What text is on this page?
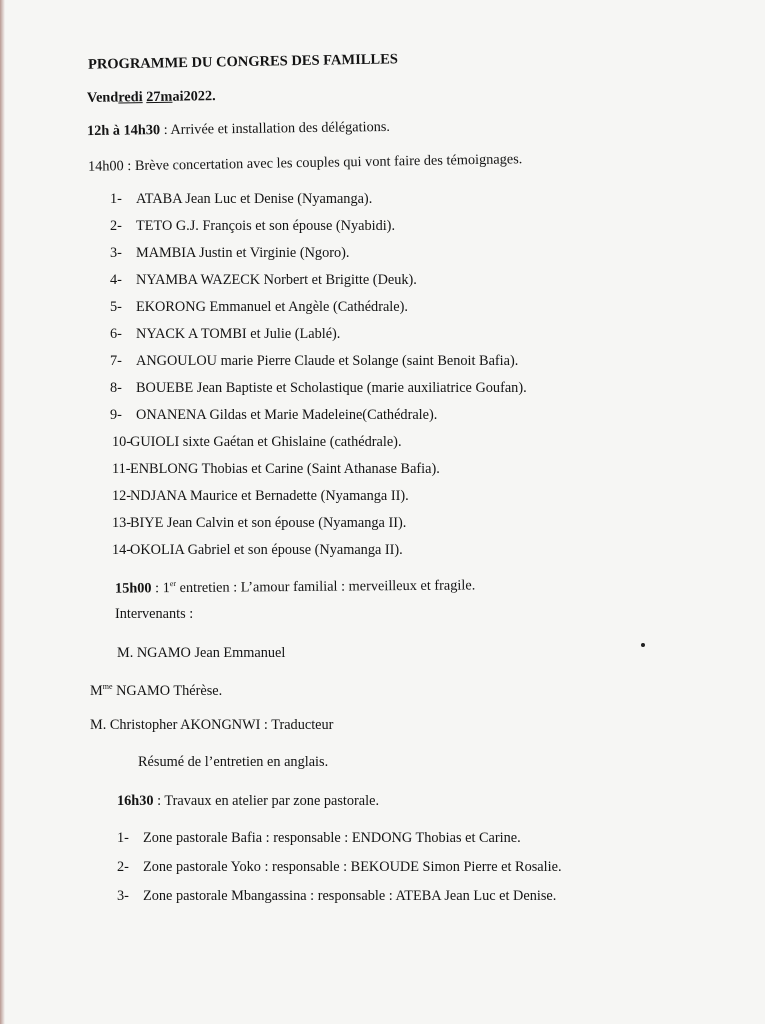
PROGRAMME DU CONGRES DES FAMILLES
Vendredi 27mai2022.
12h à 14h30 : Arrivée et installation des délégations.
14h00 : Brève concertation avec les couples qui vont faire des témoignages.
1- ATABA Jean Luc et Denise (Nyamanga).
2- TETO G.J. François et son épouse (Nyabidi).
3- MAMBIA Justin et Virginie (Ngoro).
4- NYAMBA WAZECK Norbert et Brigitte (Deuk).
5- EKORONG Emmanuel et Angèle (Cathédrale).
6- NYACK A TOMBI et Julie (Lablé).
7- ANGOULOU marie Pierre Claude et Solange (saint Benoit Bafia).
8- BOUEBE Jean Baptiste et Scholastique (marie auxiliatrice Goufan).
9- ONANENA Gildas et Marie Madeleine(Cathédrale).
10-GUIOLI sixte Gaétan et Ghislaine (cathédrale).
11-ENBLONG Thobias et Carine (Saint Athanase Bafia).
12-NDJANA Maurice et Bernadette (Nyamanga II).
13-BIYE Jean Calvin et son épouse (Nyamanga II).
14-OKOLIA Gabriel et son épouse (Nyamanga II).
15h00 : 1er entretien : L’amour familial : merveilleux et fragile.
Intervenants :
M. NGAMO Jean Emmanuel
$M^{me}$ NGAMO Thérèse.
M. Christopher AKONGNWI : Traducteur
Résumé de l’entretien en anglais.
16h30 : Travaux en atelier par zone pastorale.
1- Zone pastorale Bafia : responsable : ENDONG Thobias et Carine.
2- Zone pastorale Yoko : responsable : BEKOUDE Simon Pierre et Rosalie.
3- Zone pastorale Mbangassina : responsable : ATEBA Jean Luc et Denise.
